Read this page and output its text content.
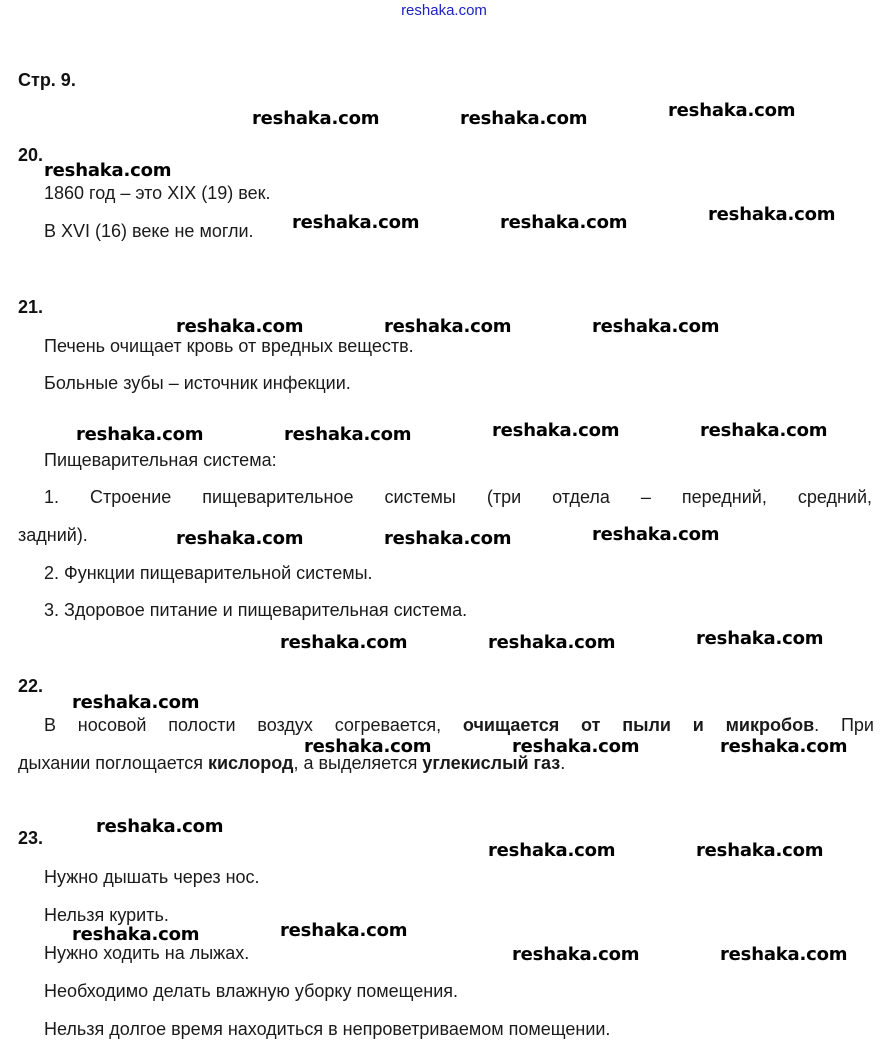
reshaka.com
Стр. 9.
20.
1860 год – это XIX (19) век.
В XVI (16) веке не могли.
21.
Печень очищает кровь от вредных веществ.
Больные зубы – источник инфекции.
Пищеварительная система:
1. Строение пищеварительное системы (три отдела – передний, средний,
задний).
2. Функции пищеварительной системы.
3. Здоровое питание и пищеварительная система.
22.
В носовой полости воздух согревается, очищается от пыли и микробов. При
дыхании поглощается кислород, а выделяется углекислый газ.
23.
Нужно дышать через нос.
Нельзя курить.
Нужно ходить на лыжах.
Необходимо делать влажную уборку помещения.
Нельзя долгое время находиться в непроветриваемом помещении.
reshaka.com	reshaka.com	reshaka.com
reshaka.com
reshaka.com	reshaka.com	reshaka.com
reshaka.com	reshaka.com	reshaka.com
reshaka.com	reshaka.com	reshaka.com	reshaka.com
reshaka.com	reshaka.com	reshaka.com
reshaka.com	reshaka.com	reshaka.com
reshaka.com
reshaka.com	reshaka.com	reshaka.com
reshaka.com
reshaka.com	reshaka.com
reshaka.com
reshaka.com
reshaka.com	reshaka.com
